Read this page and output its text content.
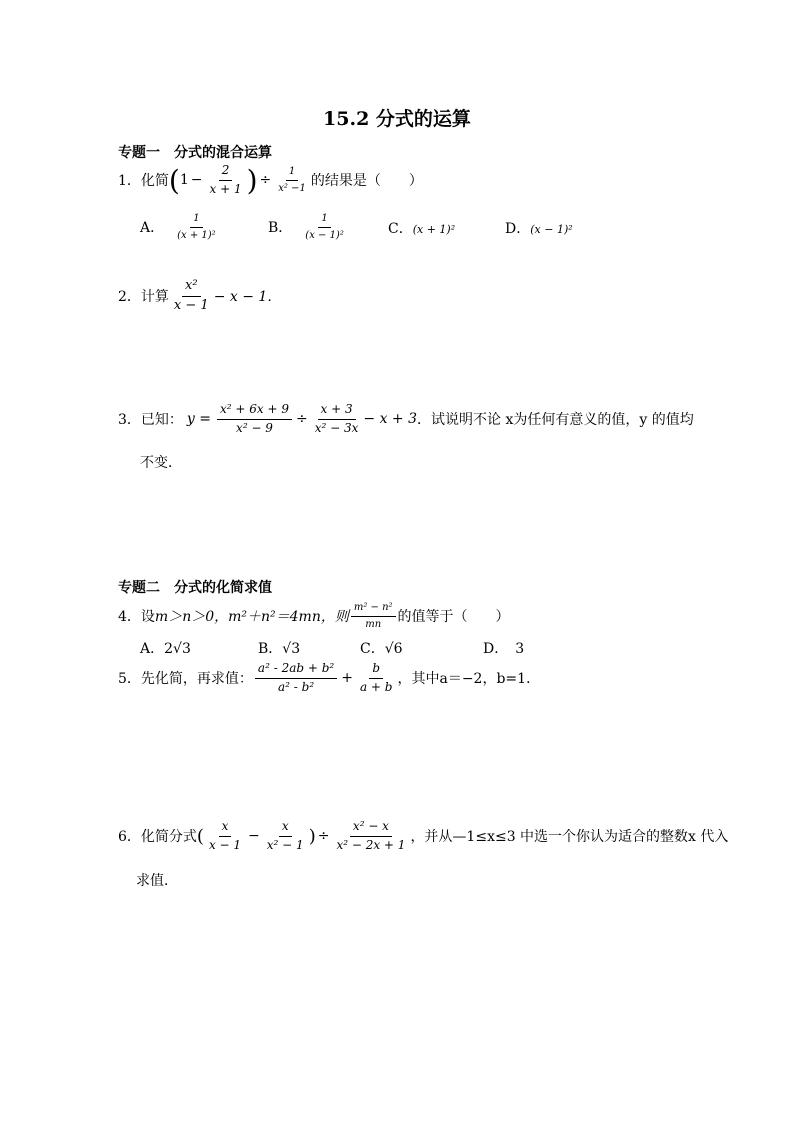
15.2 分式的运算
专题一　分式的混合运算
1．化简 ( $1 - \frac{2}{x + 1}$ ) ÷ $\frac{1}{\text{x² −1}}$ 的结果是（　　）
A． $\frac{1}{\text{(x + 1)²}}$	B． $\frac{1}{\text{(x − 1)²}}$	C．(x + 1)²	D．(x − 1)²
2．计算 $\frac{\text{x²}}{x - 1} - x - 1$．
3．已知： $y = \frac{\text{x² + 6x + 9}}{\text{x² − 9}} \div \frac{x + 3}{\text{x² − 3x}} - x + 3$ ．试说明不论 x为任何有意义的值，y 的值均
不变．
专题二　分式的化简求值
4．设 m＞n＞0，m²＋n²＝4mn，则 $\frac{\text{m² − n²}}{mn}$ 的值等于（　　）
A．2√3	B．√3	C．√6	D．　3
5．先化简，再求值： $\frac{\text{a² - 2ab + b²}}{\text{a² - b²}} + \frac{b}{a + b}$ ，其中a＝−2，b=1．
6．化简分式 ( $\frac{x}{x - 1} - \frac{x}{\text{x² − 1}}$ ) ÷ $\frac{\text{x² − x}}{\text{x² − 2x + 1}}$ ，并从—1≤x≤3 中选一个你认为适合的整数x 代入
求值．
